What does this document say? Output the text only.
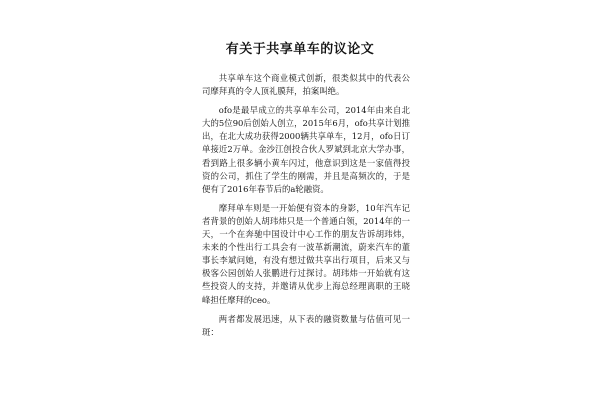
有关于共享单车的议论文

共享单车这个商业模式创新，很类似其中的代表公司摩拜真的令人顶礼膜拜，拍案叫绝。

ofo是最早成立的共享单车公司，2014年由来自北大的5位90后创始人创立，2015年6月，ofo共享计划推出，在北大成功获得2000辆共享单车，12月，ofo日订单接近2万单。金沙江创投合伙人罗斌到北京大学办事，看到路上很多辆小黄车闪过，他意识到这是一家值得投资的公司，抓住了学生的刚需，并且是高频次的，于是便有了2016年春节后的a轮融资。

摩拜单车则是一开始便有资本的身影，10年汽车记者背景的创始人胡玮炜只是一个普通白领，2014年的一天，一个在奔驰中国设计中心工作的朋友告诉胡玮炜，未来的个性出行工具会有一波革新潮流，蔚来汽车的董事长李斌问她，有没有想过做共享出行项目，后来又与极客公园创始人张鹏进行过探讨。胡玮炜一开始就有这些投资人的支持，并邀请从优步上海总经理离职的王晓峰担任摩拜的ceo。

两者都发展迅速，从下表的融资数量与估值可见一斑：
